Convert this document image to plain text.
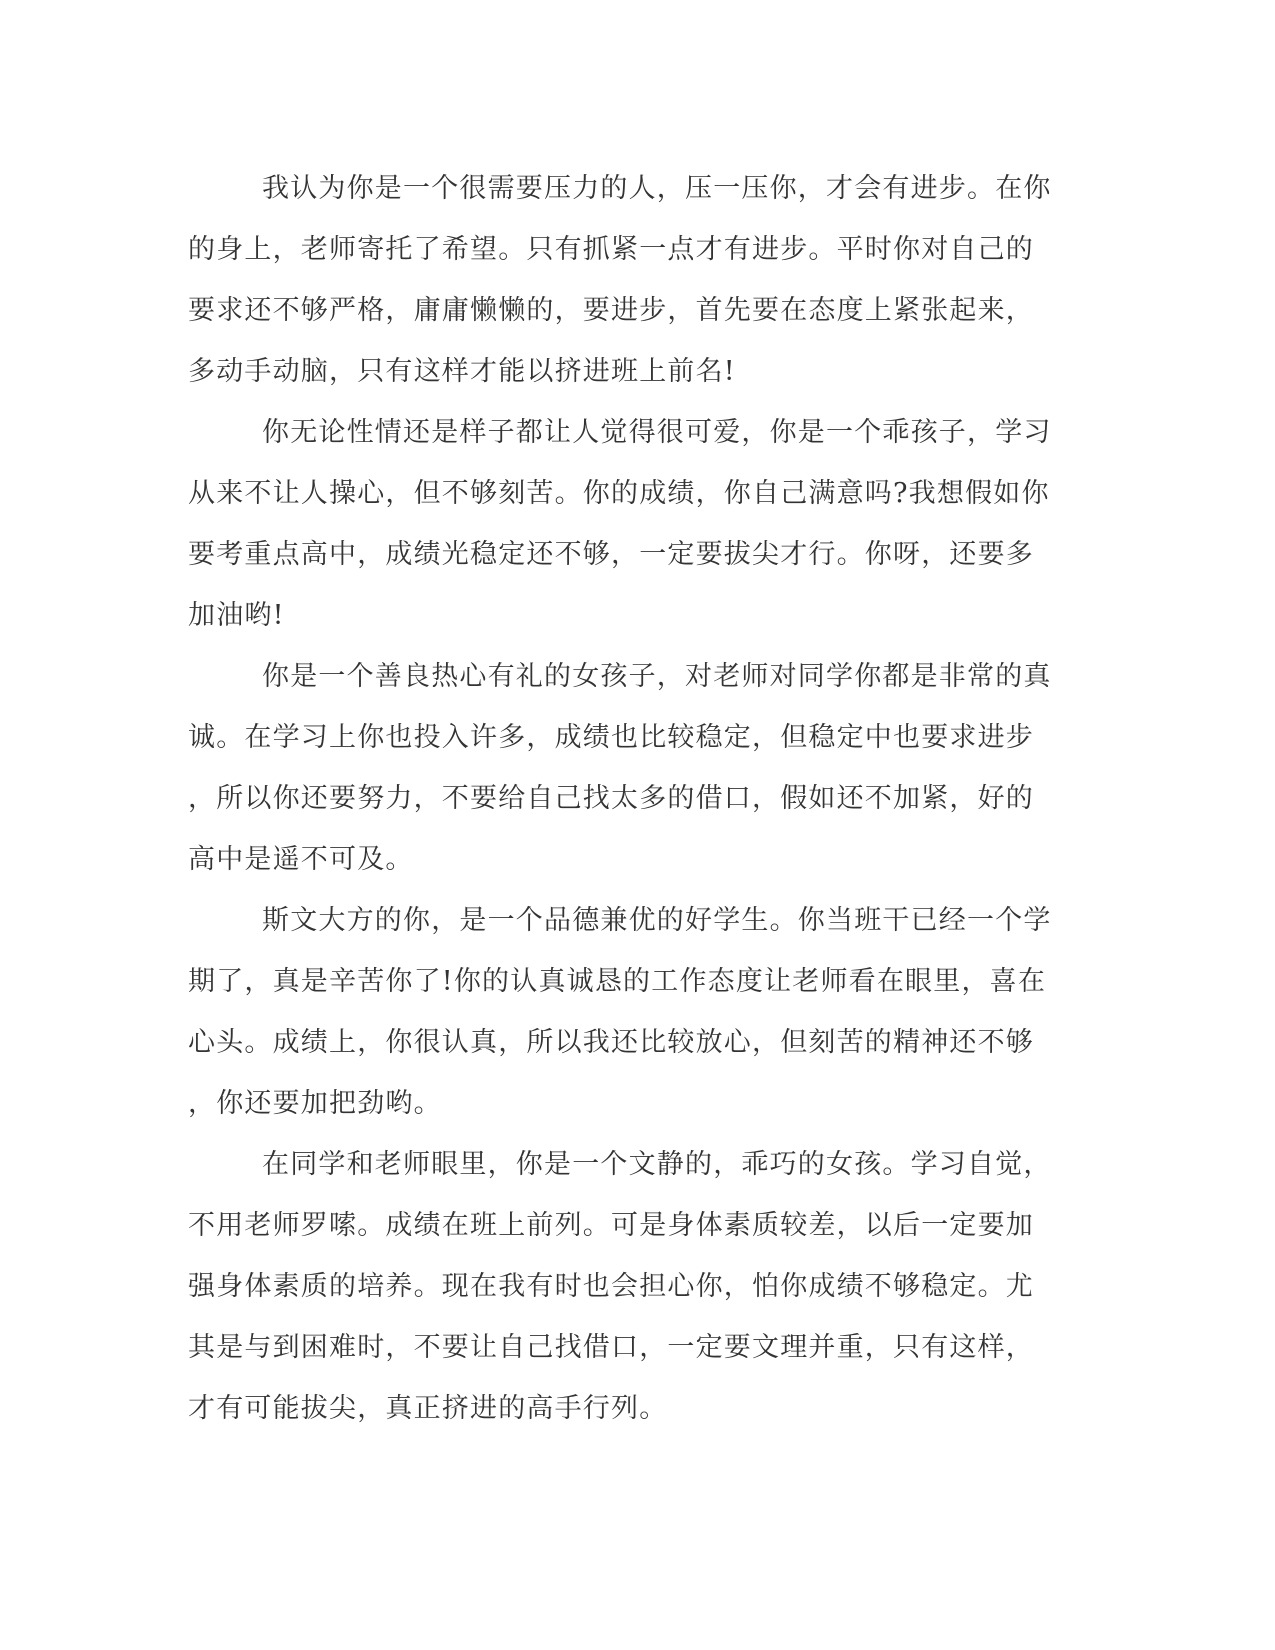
我认为你是一个很需要压力的人，压一压你，才会有进步。在你
的身上，老师寄托了希望。只有抓紧一点才有进步。平时你对自己的
要求还不够严格，庸庸懒懒的，要进步，首先要在态度上紧张起来，
多动手动脑，只有这样才能以挤进班上前名!
你无论性情还是样子都让人觉得很可爱，你是一个乖孩子，学习
从来不让人操心，但不够刻苦。你的成绩，你自己满意吗?我想假如你
要考重点高中，成绩光稳定还不够，一定要拔尖才行。你呀，还要多
加油哟!
你是一个善良热心有礼的女孩子，对老师对同学你都是非常的真
诚。在学习上你也投入许多，成绩也比较稳定，但稳定中也要求进步
，所以你还要努力，不要给自己找太多的借口，假如还不加紧，好的
高中是遥不可及。
斯文大方的你，是一个品德兼优的好学生。你当班干已经一个学
期了，真是辛苦你了!你的认真诚恳的工作态度让老师看在眼里，喜在
心头。成绩上，你很认真，所以我还比较放心，但刻苦的精神还不够
，你还要加把劲哟。
在同学和老师眼里，你是一个文静的，乖巧的女孩。学习自觉，
不用老师罗嗦。成绩在班上前列。可是身体素质较差，以后一定要加
强身体素质的培养。现在我有时也会担心你，怕你成绩不够稳定。尤
其是与到困难时，不要让自己找借口，一定要文理并重，只有这样，
才有可能拔尖，真正挤进的高手行列。
